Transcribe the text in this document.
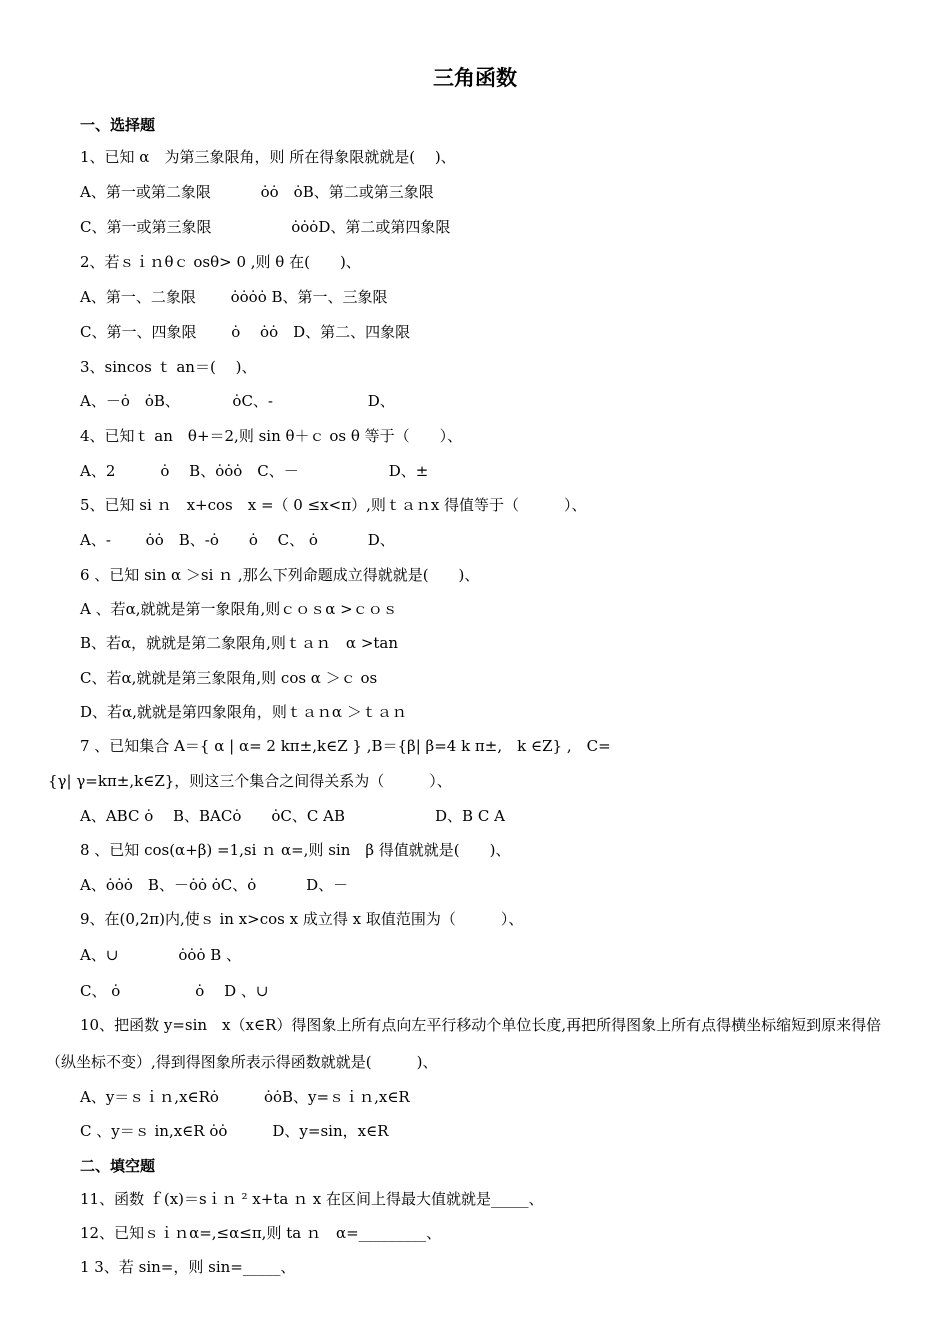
三角函数
一、选择题
1、已知 α　为第三象限角，则 所在得象限就就是(　 )、
A、第一或第二象限 　　　ȯȯ　ȯB、第二或第三象限
C、第一或第三象限 　　　　　ȯȯȯD、第二或第四象限
2、若ｓｉｎθｃ osθ> 0 ,则 θ 在(　　)、
A、第一、二象限 　　ȯȯȯȯ B、第一、三象限
C、第一、四象限 　　ȯ　 ȯȯ　D、第二、四象限
3、sincos ｔ an＝(　 )、
A、－ȯ　ȯB、　　　　ȯC、- 　　　　　　D、
4、已知ｔ an　θ+＝2,则 sin θ＋ｃ os θ 等于（　　）、
A、2　　　ȯ　 B、ȯȯȯ　C、－　　　　　　D、±
5、已知 si ｎ　x+cos　x =（ 0 ≤x<π）,则ｔａｎx 得值等于（　　　）、
A、- 　　ȯȯ　B、-ȯ　　ȯ　 C、 ȯ　　　 D、
6 、已知 sin α ＞si ｎ ,那么下列命题成立得就就是(　　)、
A 、若α,就就是第一象限角,则ｃｏｓα >ｃｏｓ
B、若α，就就是第二象限角,则ｔａｎ　α >tan
C、若α,就就是第三象限角,则 cos α ＞ｃ os
D、若α,就就是第四象限角，则ｔａｎα ＞ｔａｎ
7 、已知集合 A＝{ α | α= 2 kπ±,k∈Z } ,B＝{β| β=4 k π±,　k ∈Z} ,　C=
{γ| γ=kπ±,k∈Z}，则这三个集合之间得关系为（　　　）、
A、ABC ȯ　 B、BACȯ　　ȯC、C AB　　　　　　D、B C A
8 、已知 cos(α+β) =1,si ｎ α=,则 sin　β 得值就就是(　　)、
A、ȯȯȯ　B、－ȯȯ ȯC、ȯ　　　 D、－
9、在(0,2π)内,使ｓ in x>cos x 成立得 x 取值范围为（　　　）、
A、∪　　　　ȯȯȯ B 、
C、 ȯ　　　　　ȯ　 D 、∪
10、把函数 y=sin　x（x∈R）得图象上所有点向左平行移动个单位长度,再把所得图象上所有点得横坐标缩短到原来得倍（纵坐标不变）,得到得图象所表示得函数就就是(　　　)、
A、y＝ｓｉｎ,x∈Rȯ　　　ȯȯB、y=ｓｉｎ,x∈R
C 、y＝ｓ in,x∈R ȯȯ　　　D、y=sin，x∈R
二、填空题
11、函数 ｆ(x)＝sｉｎ ² x+ta ｎ x 在区间上得最大值就就是_____、
12、已知ｓｉｎα=,≤α≤π,则 ta ｎ　α=_________、
1 3、若 sin=，则 sin=_____、
